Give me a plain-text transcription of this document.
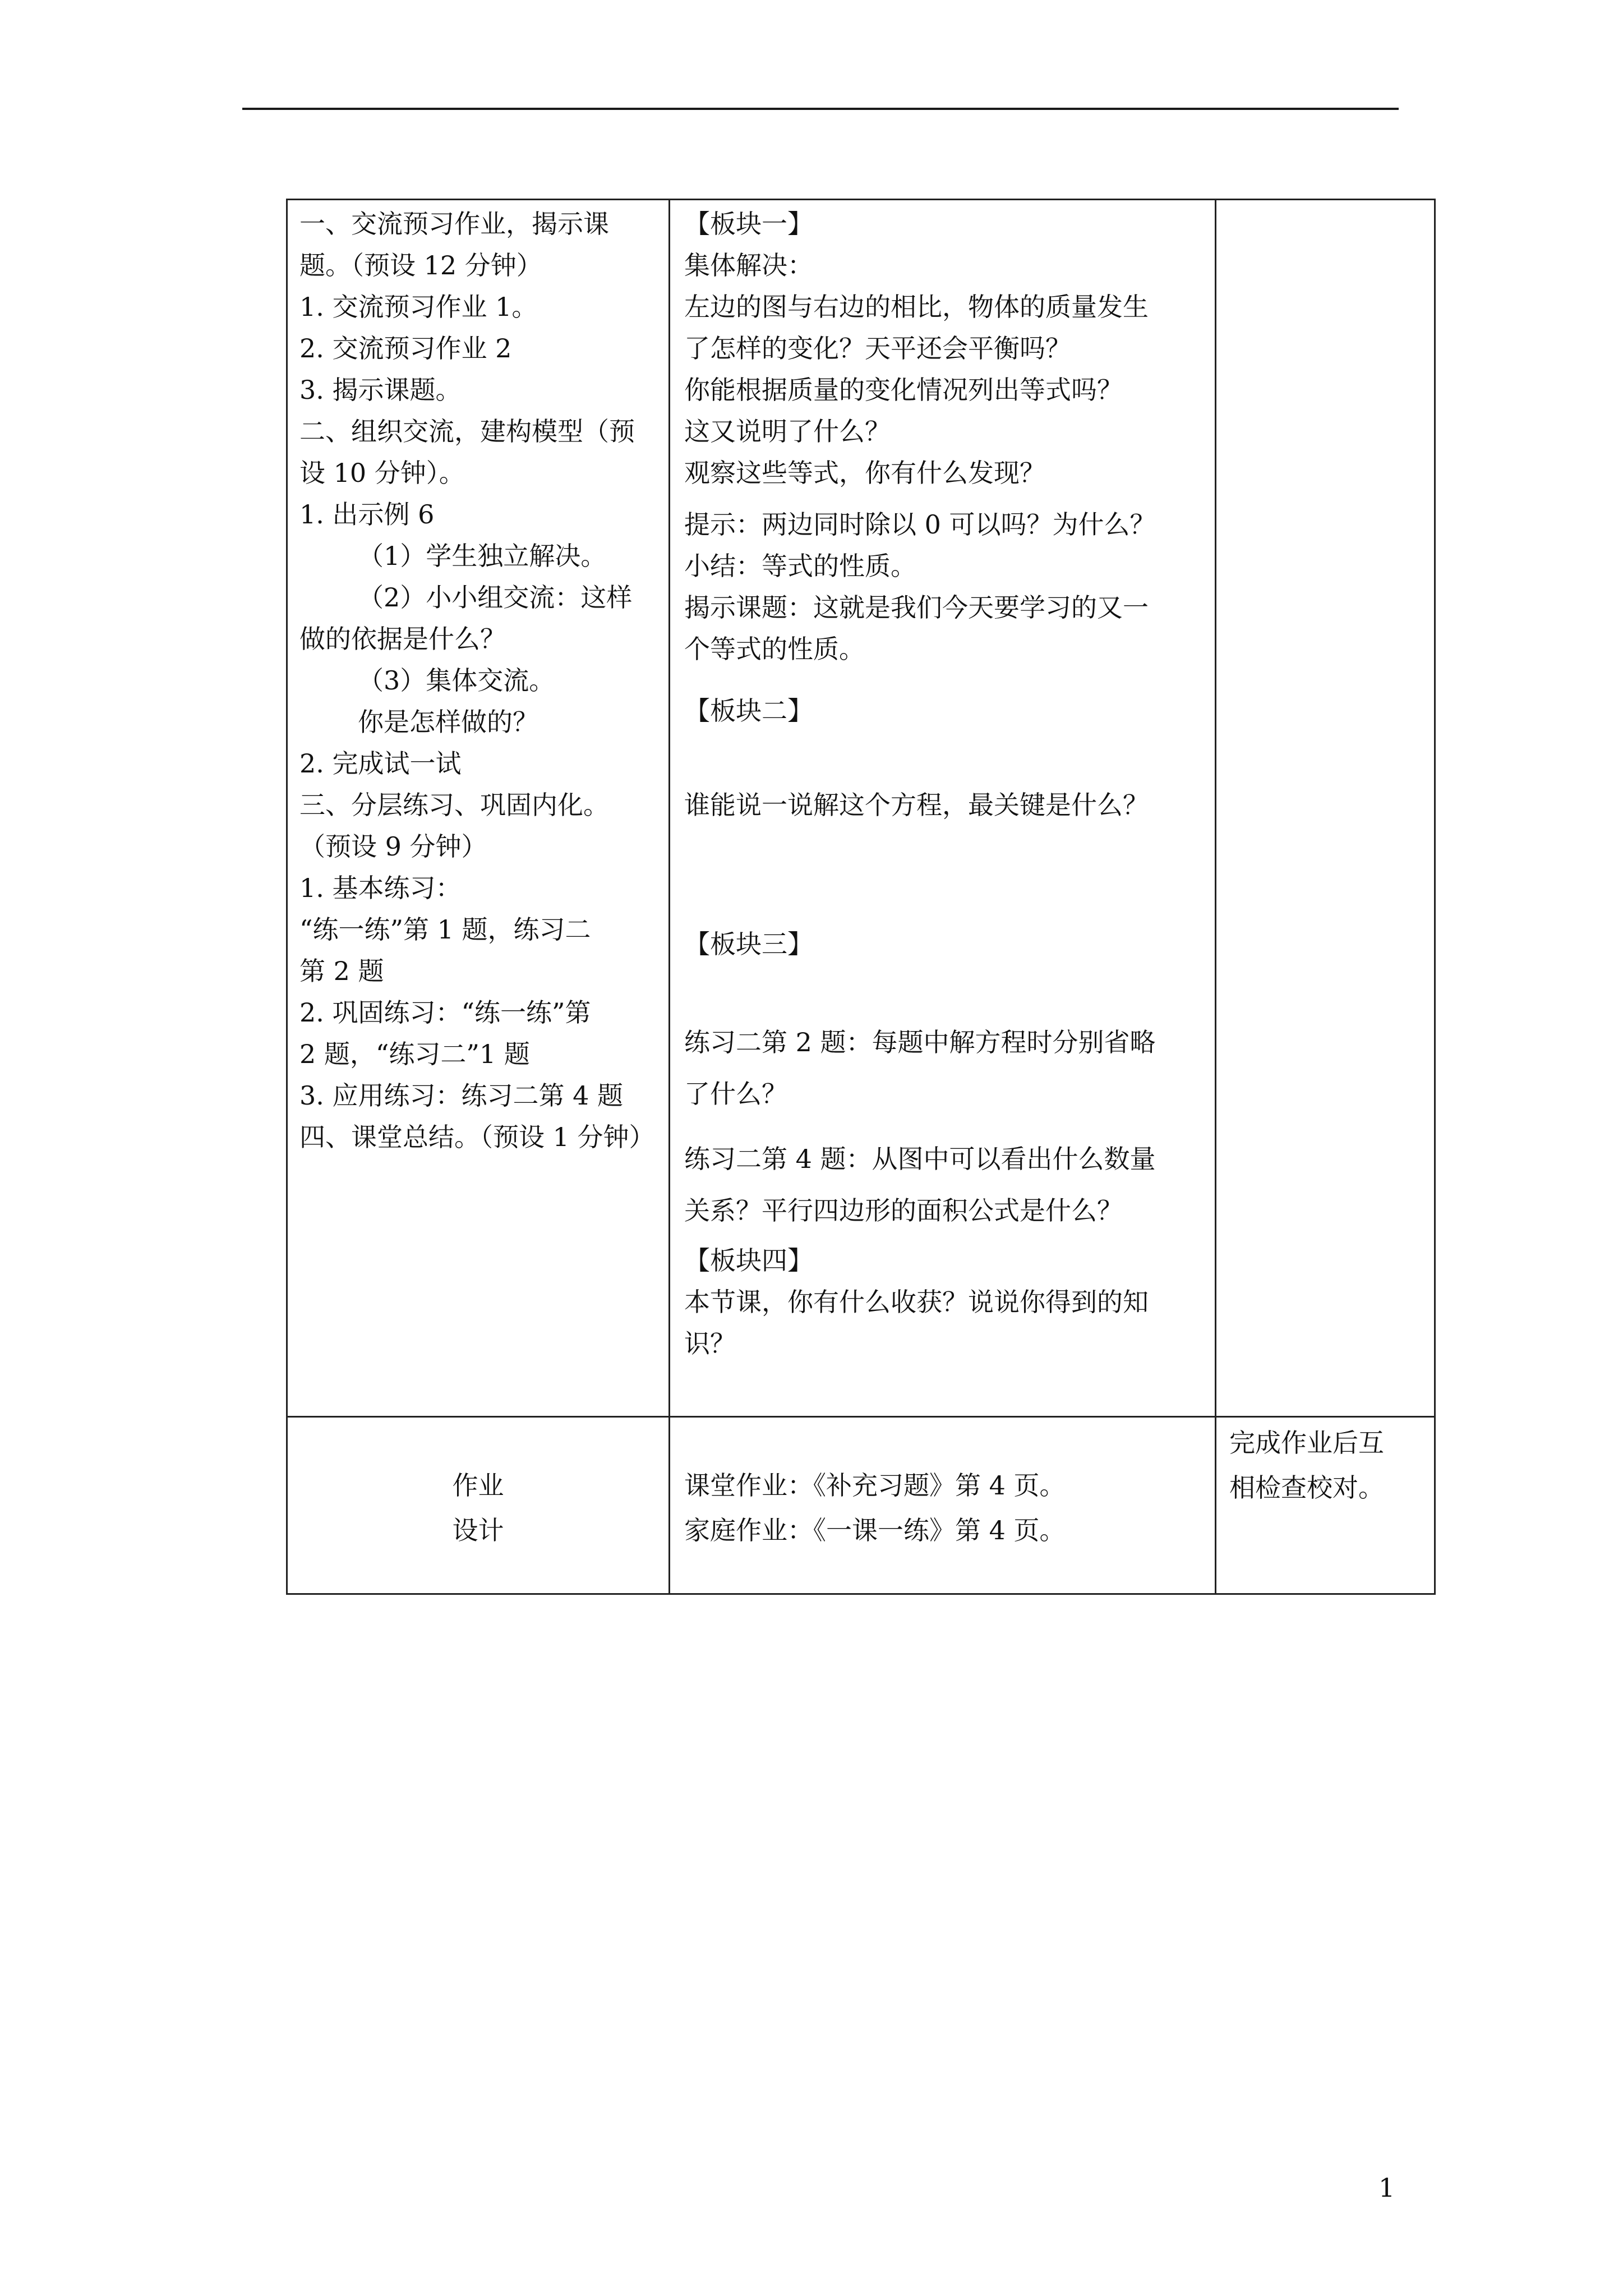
一、交流预习作业，揭示课
题。（预设 12 分钟）
1. 交流预习作业 1。
2. 交流预习作业 2
3. 揭示课题。
二、组织交流，建构模型（预
设 10 分钟）。
1. 出示例 6
（1）学生独立解决。
（2）小小组交流：这样
做的依据是什么？
（3）集体交流。
你是怎样做的？
2. 完成试一试
三、分层练习、巩固内化。
（预设 9 分钟）
1. 基本练习：
“练一练”第 1 题，练习二
第 2 题
2. 巩固练习：“练一练”第
2 题，“练习二”1 题
3. 应用练习：练习二第 4 题
四、课堂总结。（预设 1 分钟）
【板块一】
集体解决：
左边的图与右边的相比，物体的质量发生
了怎样的变化？天平还会平衡吗？
你能根据质量的变化情况列出等式吗？
这又说明了什么？
观察这些等式，你有什么发现？
提示：两边同时除以 0 可以吗？为什么？
小结：等式的性质。
揭示课题：这就是我们今天要学习的又一
个等式的性质。
【板块二】
谁能说一说解这个方程，最关键是什么？
【板块三】
练习二第 2 题：每题中解方程时分别省略
了什么？
练习二第 4 题：从图中可以看出什么数量
关系？平行四边形的面积公式是什么？
【板块四】
本节课，你有什么收获？说说你得到的知
识？
作业
设计
课堂作业：《补充习题》第 4 页。
家庭作业：《一课一练》第 4 页。
完成作业后互
相检查校对。
1
